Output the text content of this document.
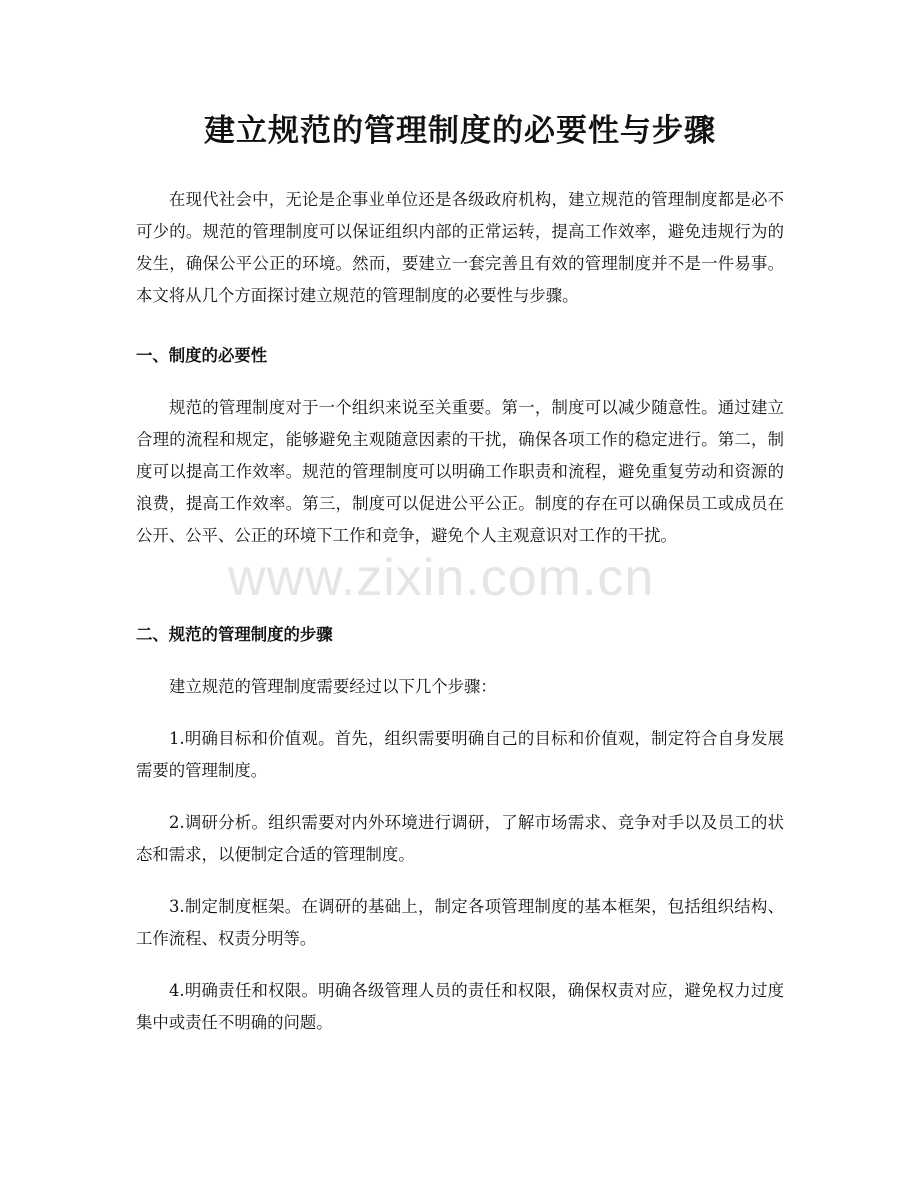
建立规范的管理制度的必要性与步骤

在现代社会中，无论是企事业单位还是各级政府机构，建立规范的管理制度都是必不可少的。规范的管理制度可以保证组织内部的正常运转，提高工作效率，避免违规行为的发生，确保公平公正的环境。然而，要建立一套完善且有效的管理制度并不是一件易事。本文将从几个方面探讨建立规范的管理制度的必要性与步骤。

一、制度的必要性

规范的管理制度对于一个组织来说至关重要。第一，制度可以减少随意性。通过建立合理的流程和规定，能够避免主观随意因素的干扰，确保各项工作的稳定进行。第二，制度可以提高工作效率。规范的管理制度可以明确工作职责和流程，避免重复劳动和资源的浪费，提高工作效率。第三，制度可以促进公平公正。制度的存在可以确保员工或成员在公开、公平、公正的环境下工作和竞争，避免个人主观意识对工作的干扰。

二、规范的管理制度的步骤

建立规范的管理制度需要经过以下几个步骤：

1.明确目标和价值观。首先，组织需要明确自己的目标和价值观，制定符合自身发展需要的管理制度。

2.调研分析。组织需要对内外环境进行调研，了解市场需求、竞争对手以及员工的状态和需求，以便制定合适的管理制度。

3.制定制度框架。在调研的基础上，制定各项管理制度的基本框架，包括组织结构、工作流程、权责分明等。

4.明确责任和权限。明确各级管理人员的责任和权限，确保权责对应，避免权力过度集中或责任不明确的问题。

www.zixin.com.cn
